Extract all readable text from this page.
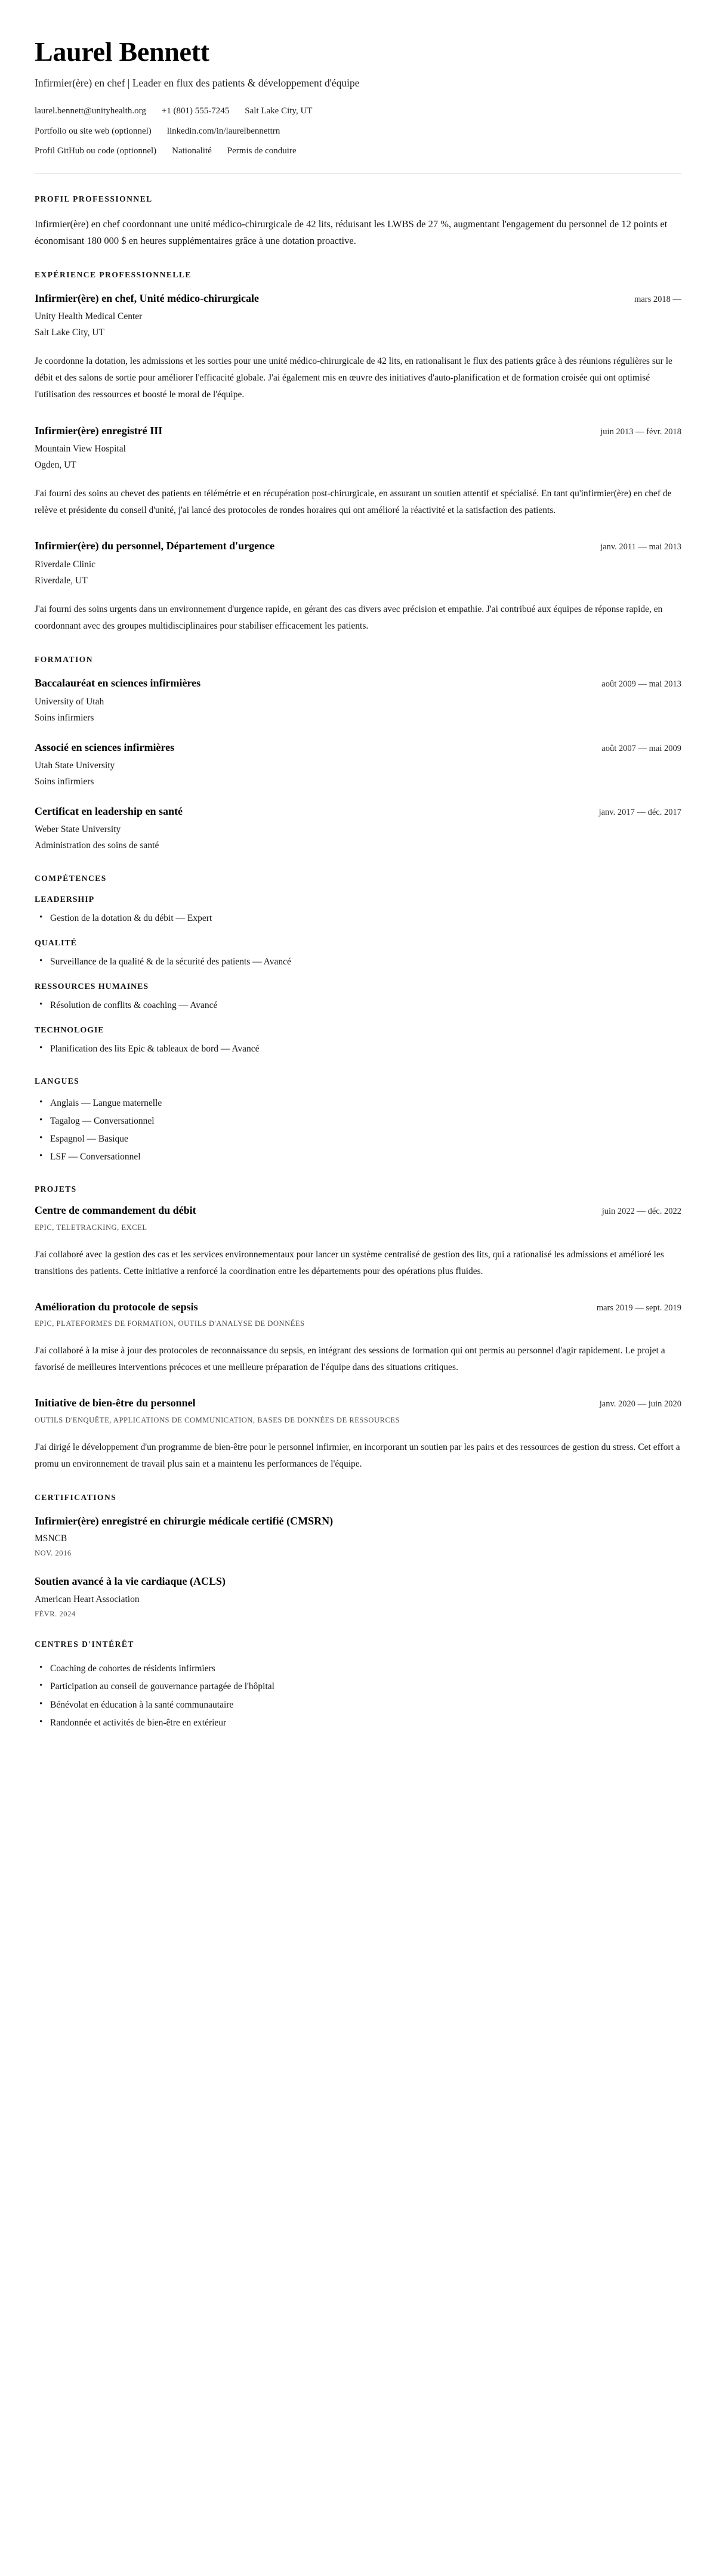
Laurel Bennett
Infirmier(ère) en chef | Leader en flux des patients & développement d'équipe
laurel.bennett@unityhealth.org +1 (801) 555-7245 Salt Lake City, UT
Portfolio ou site web (optionnel) linkedin.com/in/laurelbennettrn
Profil GitHub ou code (optionnel) Nationalité Permis de conduire
PROFIL PROFESSIONNEL

Infirmier(ère) en chef coordonnant une unité médico-chirurgicale de 42 lits, réduisant les LWBS de 27 %, augmentant l'engagement du personnel de 12 points et économisant 180 000 $ en heures supplémentaires grâce à une dotation proactive.

EXPÉRIENCE PROFESSIONNELLE
Infirmier(ère) en chef, Unité médico-chirurgicale	mars 2018 —
Unity Health Medical Center
Salt Lake City, UT
Je coordonne la dotation, les admissions et les sorties pour une unité médico-chirurgicale de 42 lits, en rationalisant le flux des patients grâce à des réunions régulières sur le débit et des salons de sortie pour améliorer l'efficacité globale. J'ai également mis en œuvre des initiatives d'auto-planification et de formation croisée qui ont optimisé l'utilisation des ressources et boosté le moral de l'équipe.
Infirmier(ère) enregistré III	juin 2013 — févr. 2018
Mountain View Hospital
Ogden, UT
J'ai fourni des soins au chevet des patients en télémétrie et en récupération post-chirurgicale, en assurant un soutien attentif et spécialisé. En tant qu'infirmier(ère) en chef de relève et présidente du conseil d'unité, j'ai lancé des protocoles de rondes horaires qui ont amélioré la réactivité et la satisfaction des patients.
Infirmier(ère) du personnel, Département d'urgence	janv. 2011 — mai 2013
Riverdale Clinic
Riverdale, UT
J'ai fourni des soins urgents dans un environnement d'urgence rapide, en gérant des cas divers avec précision et empathie. J'ai contribué aux équipes de réponse rapide, en coordonnant avec des groupes multidisciplinaires pour stabiliser efficacement les patients.
FORMATION
Baccalauréat en sciences infirmières	août 2009 — mai 2013
University of Utah
Soins infirmiers
Associé en sciences infirmières	août 2007 — mai 2009
Utah State University
Soins infirmiers
Certificat en leadership en santé	janv. 2017 — déc. 2017
Weber State University
Administration des soins de santé
COMPÉTENCES
LEADERSHIP
• Gestion de la dotation & du débit — Expert
QUALITÉ
• Surveillance de la qualité & de la sécurité des patients — Avancé
RESSOURCES HUMAINES
• Résolution de conflits & coaching — Avancé
TECHNOLOGIE
• Planification des lits Epic & tableaux de bord — Avancé
LANGUES
• Anglais — Langue maternelle
• Tagalog — Conversationnel
• Espagnol — Basique
• LSF — Conversationnel
PROJETS
Centre de commandement du débit	juin 2022 — déc. 2022
EPIC, TELETRACKING, EXCEL
J'ai collaboré avec la gestion des cas et les services environnementaux pour lancer un système centralisé de gestion des lits, qui a rationalisé les admissions et amélioré les transitions des patients. Cette initiative a renforcé la coordination entre les départements pour des opérations plus fluides.
Amélioration du protocole de sepsis	mars 2019 — sept. 2019
EPIC, PLATEFORMES DE FORMATION, OUTILS D'ANALYSE DE DONNÉES
J'ai collaboré à la mise à jour des protocoles de reconnaissance du sepsis, en intégrant des sessions de formation qui ont permis au personnel d'agir rapidement. Le projet a favorisé de meilleures interventions précoces et une meilleure préparation de l'équipe dans des situations critiques.
Initiative de bien-être du personnel	janv. 2020 — juin 2020
OUTILS D'ENQUÊTE, APPLICATIONS DE COMMUNICATION, BASES DE DONNÉES DE RESSOURCES
J'ai dirigé le développement d'un programme de bien-être pour le personnel infirmier, en incorporant un soutien par les pairs et des ressources de gestion du stress. Cet effort a promu un environnement de travail plus sain et a maintenu les performances de l'équipe.
CERTIFICATIONS
Infirmier(ère) enregistré en chirurgie médicale certifié (CMSRN)
MSNCB
NOV. 2016
Soutien avancé à la vie cardiaque (ACLS)
American Heart Association
FÉVR. 2024
CENTRES D'INTÉRÊT
• Coaching de cohortes de résidents infirmiers
• Participation au conseil de gouvernance partagée de l'hôpital
• Bénévolat en éducation à la santé communautaire
• Randonnée et activités de bien-être en extérieur
